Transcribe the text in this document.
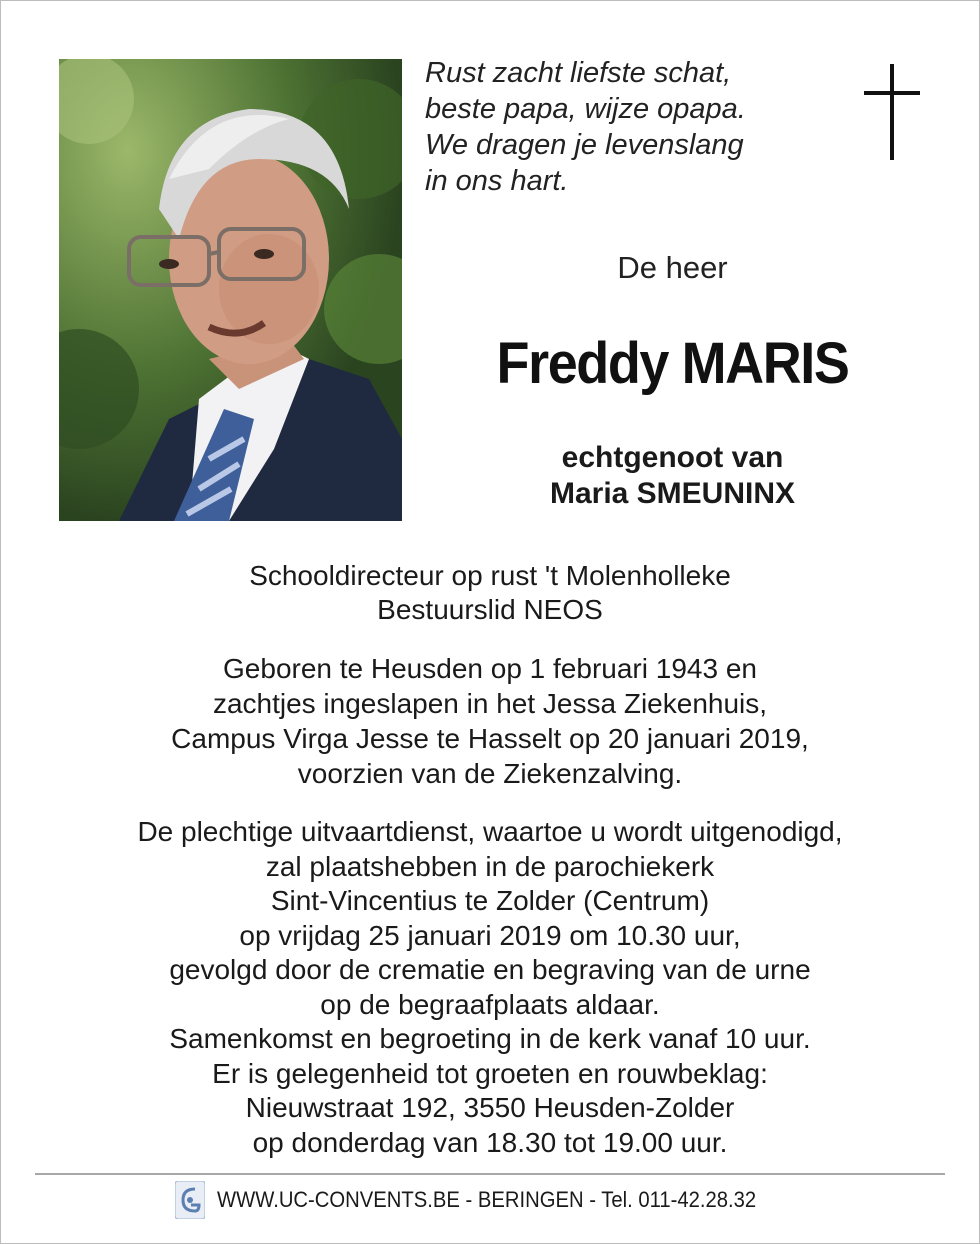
Rust zacht liefste schat,
beste papa, wijze opapa.
We dragen je levenslang
in ons hart.
De heer
Freddy MARIS
echtgenoot van
Maria SMEUNINX
Schooldirecteur op rust 't Molenholleke
Bestuurslid NEOS
Geboren te Heusden op 1 februari 1943 en
zachtjes ingeslapen in het Jessa Ziekenhuis,
Campus Virga Jesse te Hasselt op 20 januari 2019,
voorzien van de Ziekenzalving.
De plechtige uitvaartdienst, waartoe u wordt uitgenodigd,
zal plaatshebben in de parochiekerk
Sint-Vincentius te Zolder (Centrum)
op vrijdag 25 januari 2019 om 10.30 uur,
gevolgd door de crematie en begraving van de urne
op de begraafplaats aldaar.
Samenkomst en begroeting in de kerk vanaf 10 uur.
Er is gelegenheid tot groeten en rouwbeklag:
Nieuwstraat 192, 3550 Heusden-Zolder
op donderdag van 18.30 tot 19.00 uur.
WWW.UC-CONVENTS.BE - BERINGEN - Tel. 011-42.28.32
